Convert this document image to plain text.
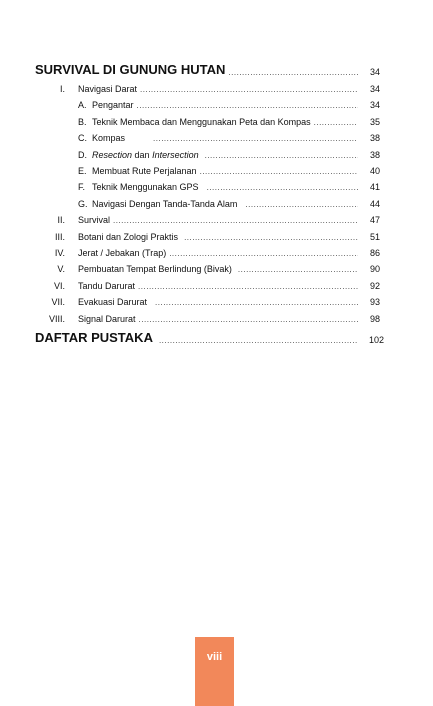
SURVIVAL DI GUNUNG HUTAN .....	34
I. Navigasi Darat .....	34
A. Pengantar .....	34
B. Teknik Membaca dan Menggunakan Peta dan Kompas .....	35
C. Kompas .....	38
D. Resection dan Intersection .....	38
E. Membuat Rute Perjalanan .....	40
F. Teknik Menggunakan GPS .....	41
G. Navigasi Dengan Tanda-Tanda Alam .....	44
II. Survival .....	47
III. Botani dan Zologi Praktis .....	51
IV. Jerat / Jebakan (Trap) .....	86
V. Pembuatan Tempat Berlindung (Bivak) .....	90
VI. Tandu Darurat .....	92
VII. Evakuasi Darurat .....	93
VIII. Signal Darurat .....	98
DAFTAR PUSTAKA .....	102
viii
